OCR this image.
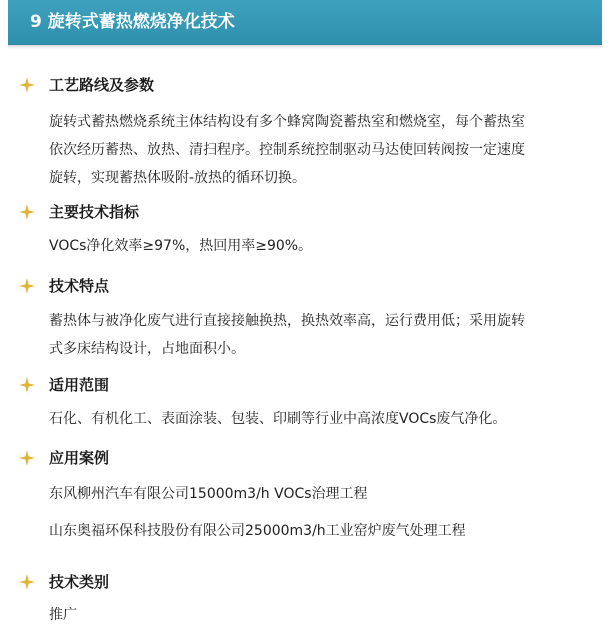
9 旋转式蓄热燃烧净化技术
工艺路线及参数
旋转式蓄热燃烧系统主体结构设有多个蜂窝陶瓷蓄热室和燃烧室，每个蓄热室
依次经历蓄热、放热、清扫程序。控制系统控制驱动马达使回转阀按一定速度
旋转，实现蓄热体吸附-放热的循环切换。
主要技术指标
VOCs净化效率≥97%，热回用率≥90%。
技术特点
蓄热体与被净化废气进行直接接触换热，换热效率高，运行费用低；采用旋转
式多床结构设计，占地面积小。
适用范围
石化、有机化工、表面涂装、包装、印刷等行业中高浓度VOCs废气净化。
应用案例
东风柳州汽车有限公司15000m3/h VOCs治理工程
山东奥福环保科技股份有限公司25000m3/h工业窑炉废气处理工程
技术类别
推广
